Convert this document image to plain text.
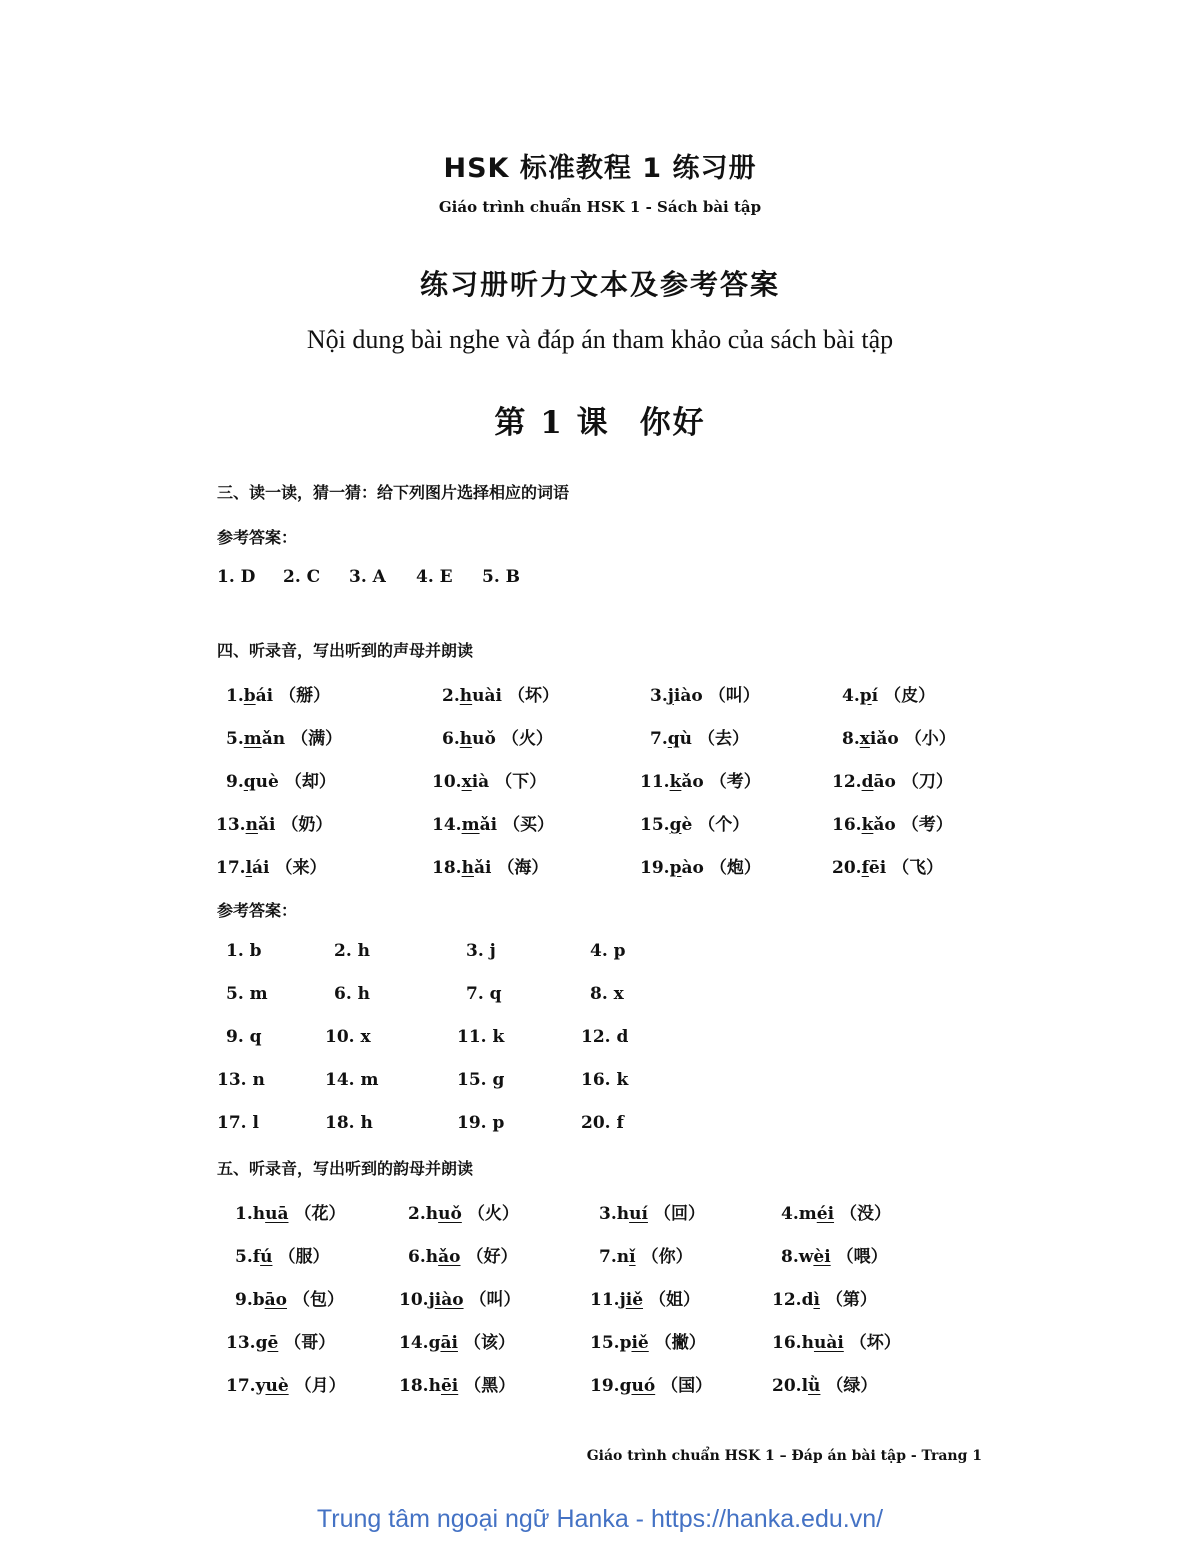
HSK 标准教程 1 练习册
Giáo trình chuẩn HSK 1 - Sách bài tập
练习册听力文本及参考答案
Nội dung bài nghe và đáp án tham khảo của sách bài tập
第 1 课 你好
三、读一读，猜一猜：给下列图片选择相应的词语
参考答案：
1. D 2. C 3. A 4. E 5. B
四、听录音，写出听到的声母并朗读
1.bái （掰）	2.huài （坏）	3.jiào （叫）	4.pí （皮）
5.mǎn （满）	6.huǒ （火）	7.qù （去）	8.xiǎo （小）
9.què （却）	10.xià （下）	11.kǎo （考）	12.dāo （刀）
13.nǎi （奶）	14.mǎi （买）	15.gè （个）	16.kǎo （考）
17.lái （来）	18.hǎi （海）	19.pào （炮）	20.fēi （飞）
参考答案：
1. b	2. h	3. j	4. p
5. m	6. h	7. q	8. x
9. q	10. x	11. k	12. d
13. n	14. m	15. g	16. k
17. l	18. h	19. p	20. f
五、听录音，写出听到的韵母并朗读
1.huā （花）	2.huǒ （火）	3.huí （回）	4.méi （没）
5.fú （服）	6.hǎo （好）	7.nǐ （你）	8.wèi （喂）
9.bāo （包）	10.jiào （叫）	11.jiě （姐）	12.dì （第）
13.gē （哥）	14.gāi （该）	15.piě （撇）	16.huài （坏）
17.yuè （月）	18.hēi （黑）	19.guó （国）	20.lǜ （绿）
Giáo trình chuẩn HSK 1 – Đáp án bài tập - Trang 1
Trung tâm ngoại ngữ Hanka - https://hanka.edu.vn/
